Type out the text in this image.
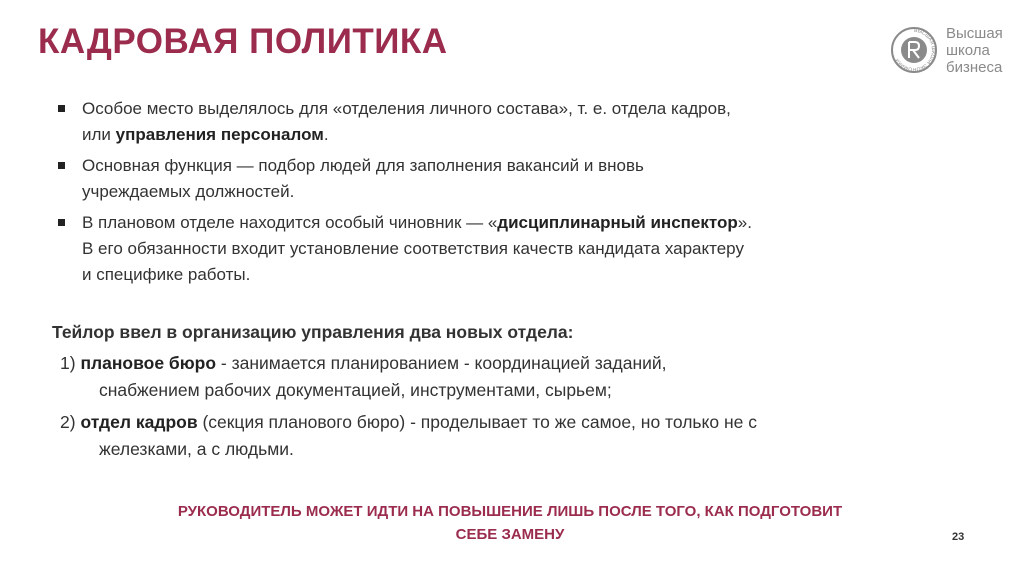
КАДРОВАЯ ПОЛИТИКА	ВЫСШАЯ ШКОЛА ЭКОНОМИКИ
Высшая
школа
бизнеса
Особое место выделялось для «отделения личного состава», т. е. отдела кадров,
или управления персоналом.
Основная функция — подбор людей для заполнения вакансий и вновь
учреждаемых должностей.
В плановом отделе находится особый чиновник — «дисциплинарный инспектор».
В его обязанности входит установление соответствия качеств кандидата характеру
и специфике работы.
Тейлор ввел в организацию управления два новых отдела:
1) плановое бюро - занимается планированием - координацией заданий,
снабжением рабочих документацией, инструментами, сырьем;
2) отдел кадров (секция планового бюро) - проделывает то же самое, но только не с
железками, а с людьми.
РУКОВОДИТЕЛЬ МОЖЕТ ИДТИ НА ПОВЫШЕНИЕ ЛИШЬ ПОСЛЕ ТОГО, КАК ПОДГОТОВИТ
СЕБЕ ЗАМЕНУ	23
